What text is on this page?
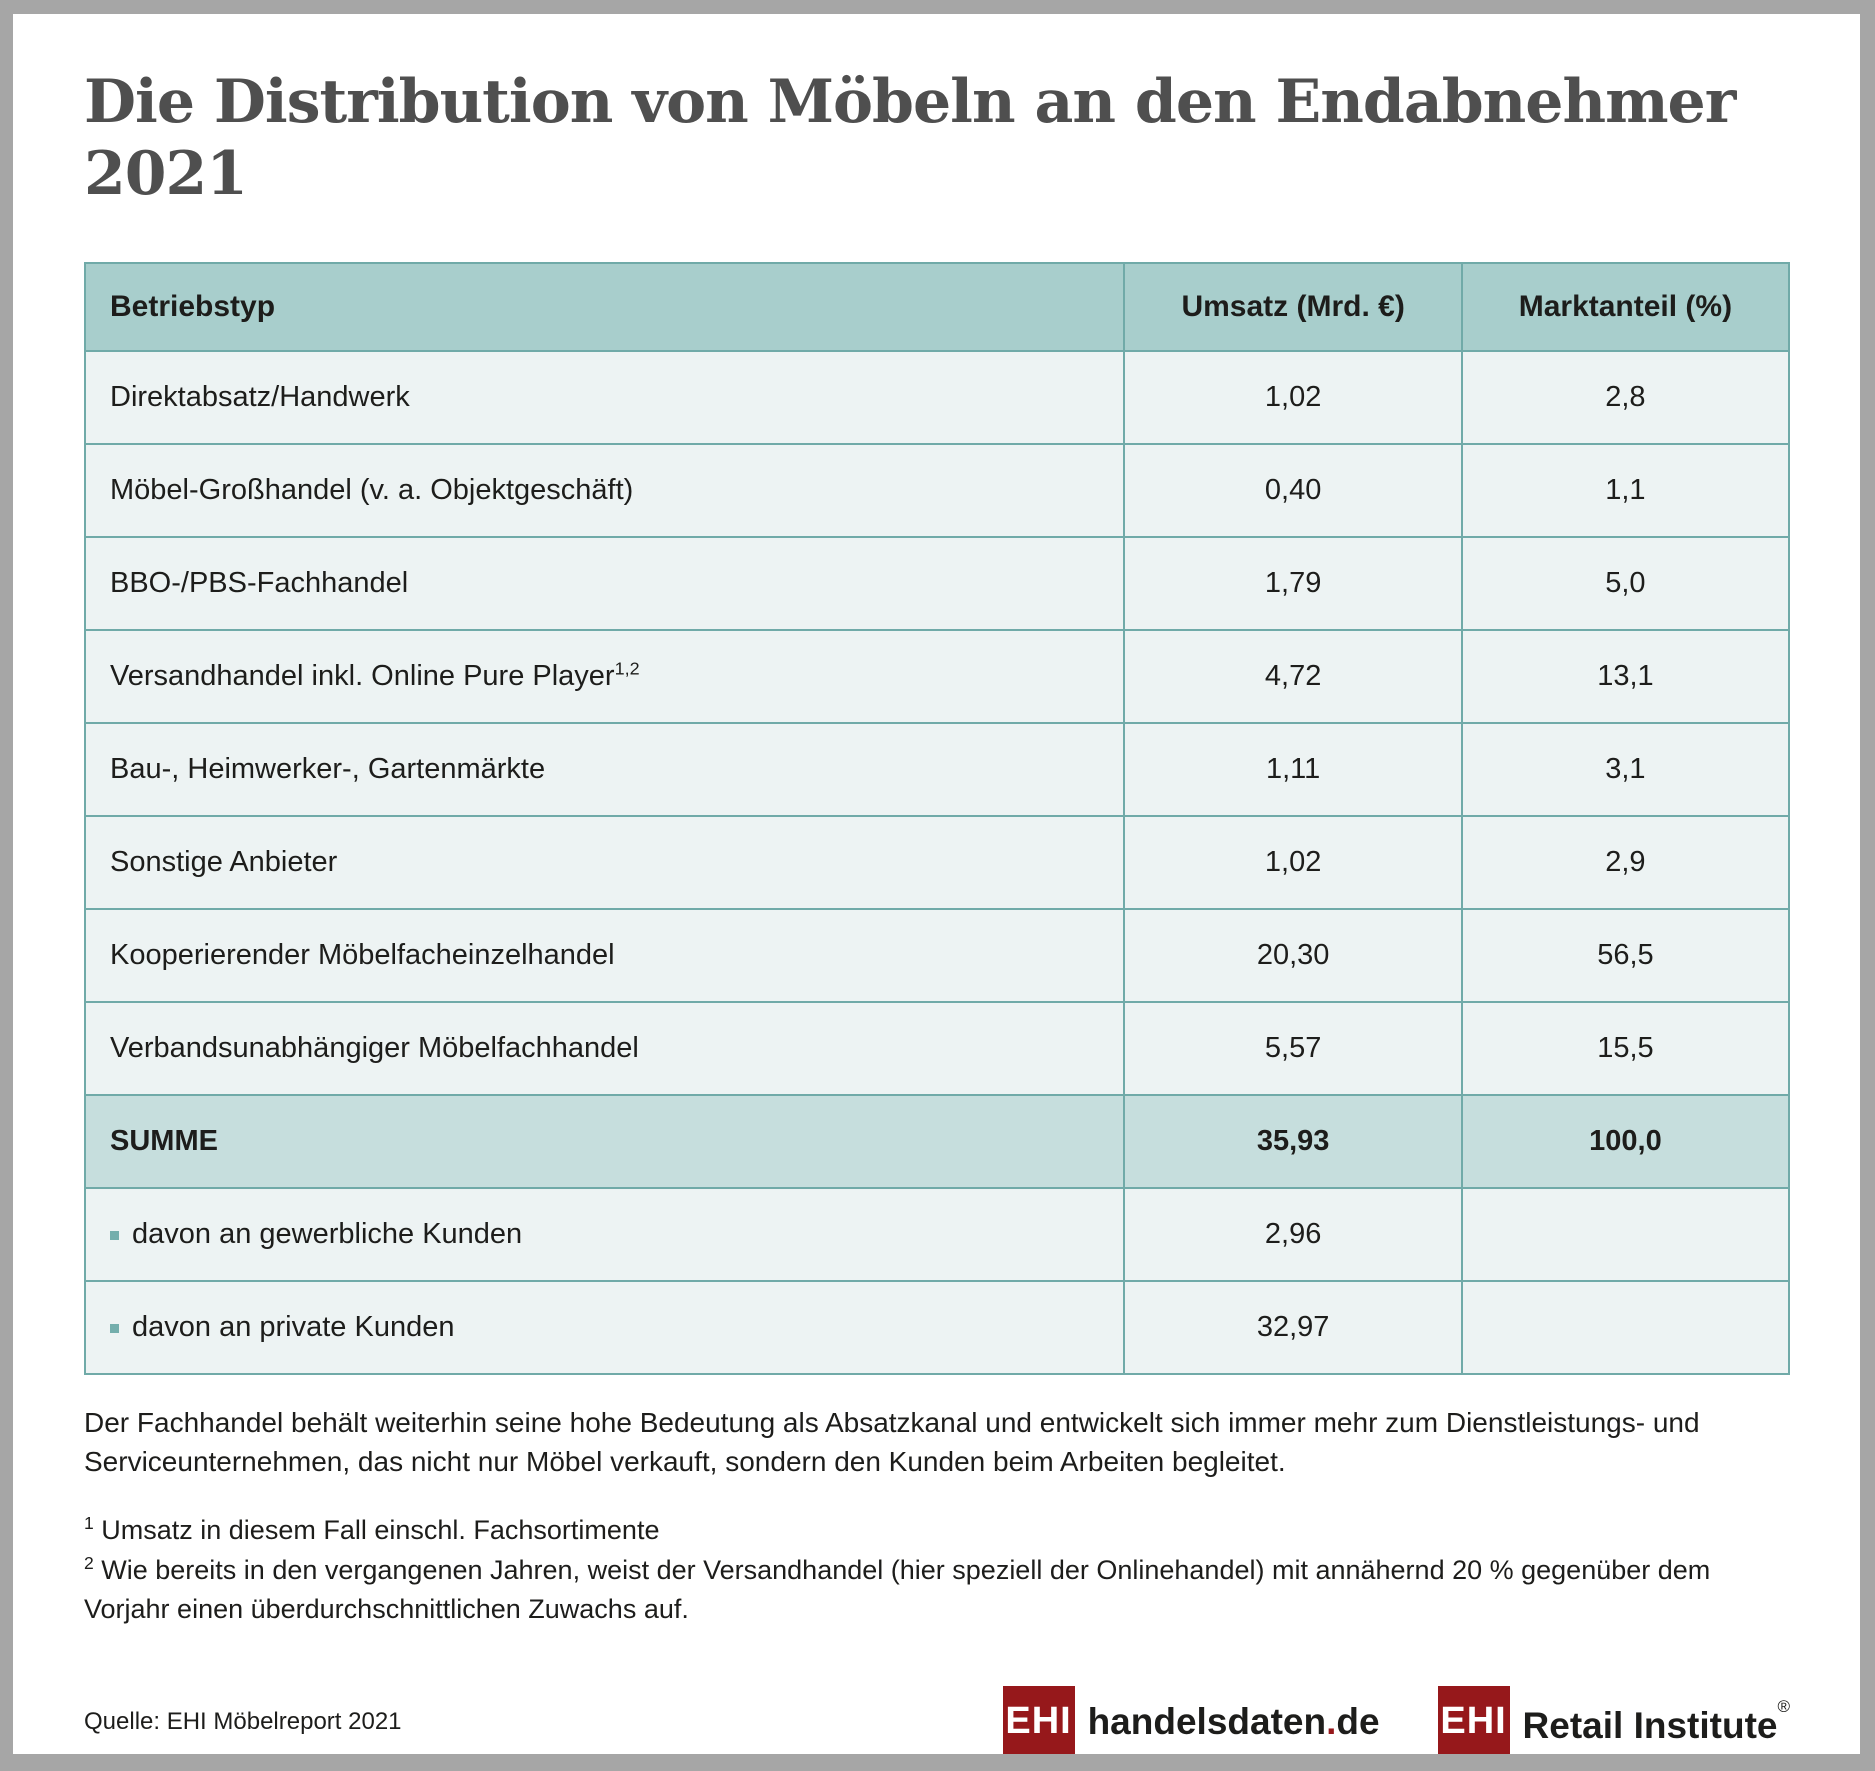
Die Distribution von Möbeln an den Endabnehmer 2021
Betriebstyp	Umsatz (Mrd. €)	Marktanteil (%)
Direktabsatz/Handwerk	1,02	2,8
Möbel-Großhandel (v. a. Objektgeschäft)	0,40	1,1
BBO-/PBS-Fachhandel	1,79	5,0
Versandhandel inkl. Online Pure Player$^{1,2}$	4,72	13,1
Bau-, Heimwerker-, Gartenmärkte	1,11	3,1
Sonstige Anbieter	1,02	2,9
Kooperierender Möbelfacheinzelhandel	20,30	56,5
Verbandsunabhängiger Möbelfachhandel	5,57	15,5
SUMME	35,93	100,0
davon an gewerbliche Kunden	2,96	
davon an private Kunden	32,97	

Der Fachhandel behält weiterhin seine hohe Bedeutung als Absatzkanal und entwickelt sich immer mehr zum Dienstleistungs- und Serviceunternehmen, das nicht nur Möbel verkauft, sondern den Kunden beim Arbeiten begleitet.

$^1$ Umsatz in diesem Fall einschl. Fachsortimente

$^2$ Wie bereits in den vergangenen Jahren, weist der Versandhandel (hier speziell der Onlinehandel) mit annähernd 20 % gegenüber dem Vorjahr einen überdurchschnittlichen Zuwachs auf.

Quelle: EHI Möbelreport 2021	EHI handelsdaten.de EHI Retail Institute®
